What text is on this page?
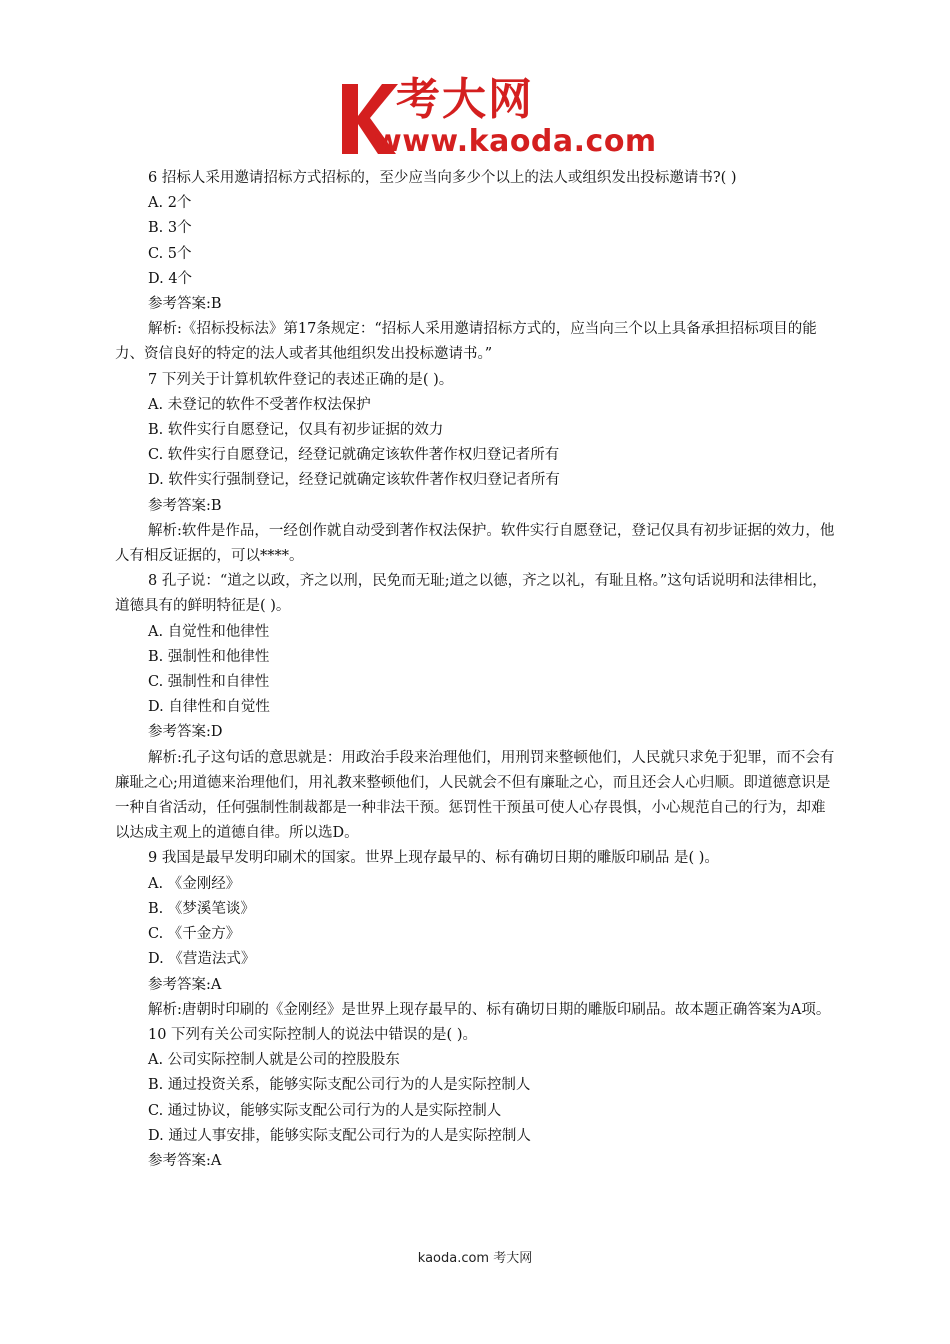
考大网
www.kaoda.com

6 招标人采用邀请招标方式招标的，至少应当向多少个以上的法人或组织发出投标邀请书?( )

A. 2个

B. 3个

C. 5个

D. 4个

参考答案:B

解析:《招标投标法》第17条规定：“招标人采用邀请招标方式的，应当向三个以上具备承担招标项目的能力、资信良好的特定的法人或者其他组织发出投标邀请书。”

7 下列关于计算机软件登记的表述正确的是( )。

A. 未登记的软件不受著作权法保护

B. 软件实行自愿登记，仅具有初步证据的效力

C. 软件实行自愿登记，经登记就确定该软件著作权归登记者所有

D. 软件实行强制登记，经登记就确定该软件著作权归登记者所有

参考答案:B

解析:软件是作品，一经创作就自动受到著作权法保护。软件实行自愿登记，登记仅具有初步证据的效力，他人有相反证据的，可以****。

8 孔子说：“道之以政，齐之以刑，民免而无耻;道之以德，齐之以礼，有耻且格。”这句话说明和法律相比，道德具有的鲜明特征是( )。

A. 自觉性和他律性

B. 强制性和他律性

C. 强制性和自律性

D. 自律性和自觉性

参考答案:D

解析:孔子这句话的意思就是：用政治手段来治理他们，用刑罚来整顿他们，人民就只求免于犯罪，而不会有廉耻之心;用道德来治理他们，用礼教来整顿他们，人民就会不但有廉耻之心，而且还会人心归顺。即道德意识是一种自省活动，任何强制性制裁都是一种非法干预。惩罚性干预虽可使人心存畏惧，小心规范自己的行为，却难以达成主观上的道德自律。所以选D。

9 我国是最早发明印刷术的国家。世界上现存最早的、标有确切日期的雕版印刷品 是( )。

A. 《金刚经》

B. 《梦溪笔谈》

C. 《千金方》

D. 《营造法式》

参考答案:A

解析:唐朝时印刷的《金刚经》是世界上现存最早的、标有确切日期的雕版印刷品。故本题正确答案为A项。

10 下列有关公司实际控制人的说法中错误的是( )。

A. 公司实际控制人就是公司的控股股东

B. 通过投资关系，能够实际支配公司行为的人是实际控制人

C. 通过协议，能够实际支配公司行为的人是实际控制人

D. 通过人事安排，能够实际支配公司行为的人是实际控制人

参考答案:A

kaoda.com 考大网
